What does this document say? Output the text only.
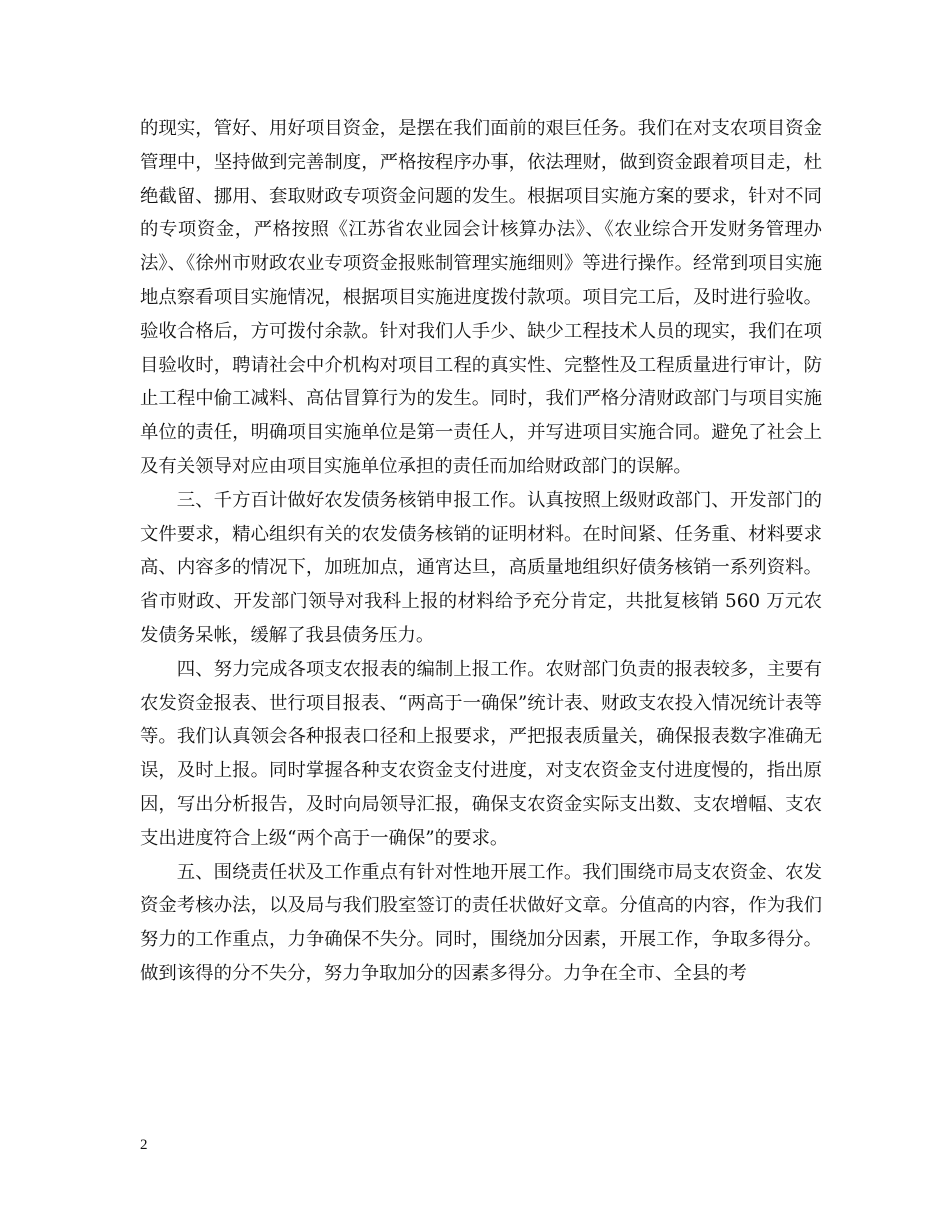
的现实，管好、用好项目资金，是摆在我们面前的艰巨任务。我们在对支农项目资金管理中，坚持做到完善制度，严格按程序办事，依法理财，做到资金跟着项目走，杜绝截留、挪用、套取财政专项资金问题的发生。根据项目实施方案的要求，针对不同的专项资金，严格按照《江苏省农业园会计核算办法》、《农业综合开发财务管理办法》、《徐州市财政农业专项资金报账制管理实施细则》等进行操作。经常到项目实施地点察看项目实施情况，根据项目实施进度拨付款项。项目完工后，及时进行验收。验收合格后，方可拨付余款。针对我们人手少、缺少工程技术人员的现实，我们在项目验收时，聘请社会中介机构对项目工程的真实性、完整性及工程质量进行审计，防止工程中偷工减料、高估冒算行为的发生。同时，我们严格分清财政部门与项目实施单位的责任，明确项目实施单位是第一责任人，并写进项目实施合同。避免了社会上及有关领导对应由项目实施单位承担的责任而加给财政部门的误解。

三、千方百计做好农发债务核销申报工作。认真按照上级财政部门、开发部门的文件要求，精心组织有关的农发债务核销的证明材料。在时间紧、任务重、材料要求高、内容多的情况下，加班加点，通宵达旦，高质量地组织好债务核销一系列资料。省市财政、开发部门领导对我科上报的材料给予充分肯定，共批复核销 560 万元农发债务呆帐，缓解了我县债务压力。

四、努力完成各项支农报表的编制上报工作。农财部门负责的报表较多，主要有农发资金报表、世行项目报表、“两高于一确保”统计表、财政支农投入情况统计表等等。我们认真领会各种报表口径和上报要求，严把报表质量关，确保报表数字准确无误，及时上报。同时掌握各种支农资金支付进度，对支农资金支付进度慢的，指出原因，写出分析报告，及时向局领导汇报，确保支农资金实际支出数、支农增幅、支农支出进度符合上级“两个高于一确保”的要求。

五、围绕责任状及工作重点有针对性地开展工作。我们围绕市局支农资金、农发资金考核办法，以及局与我们股室签订的责任状做好文章。分值高的内容，作为我们努力的工作重点，力争确保不失分。同时，围绕加分因素，开展工作，争取多得分。做到该得的分不失分，努力争取加分的因素多得分。力争在全市、全县的考

2
